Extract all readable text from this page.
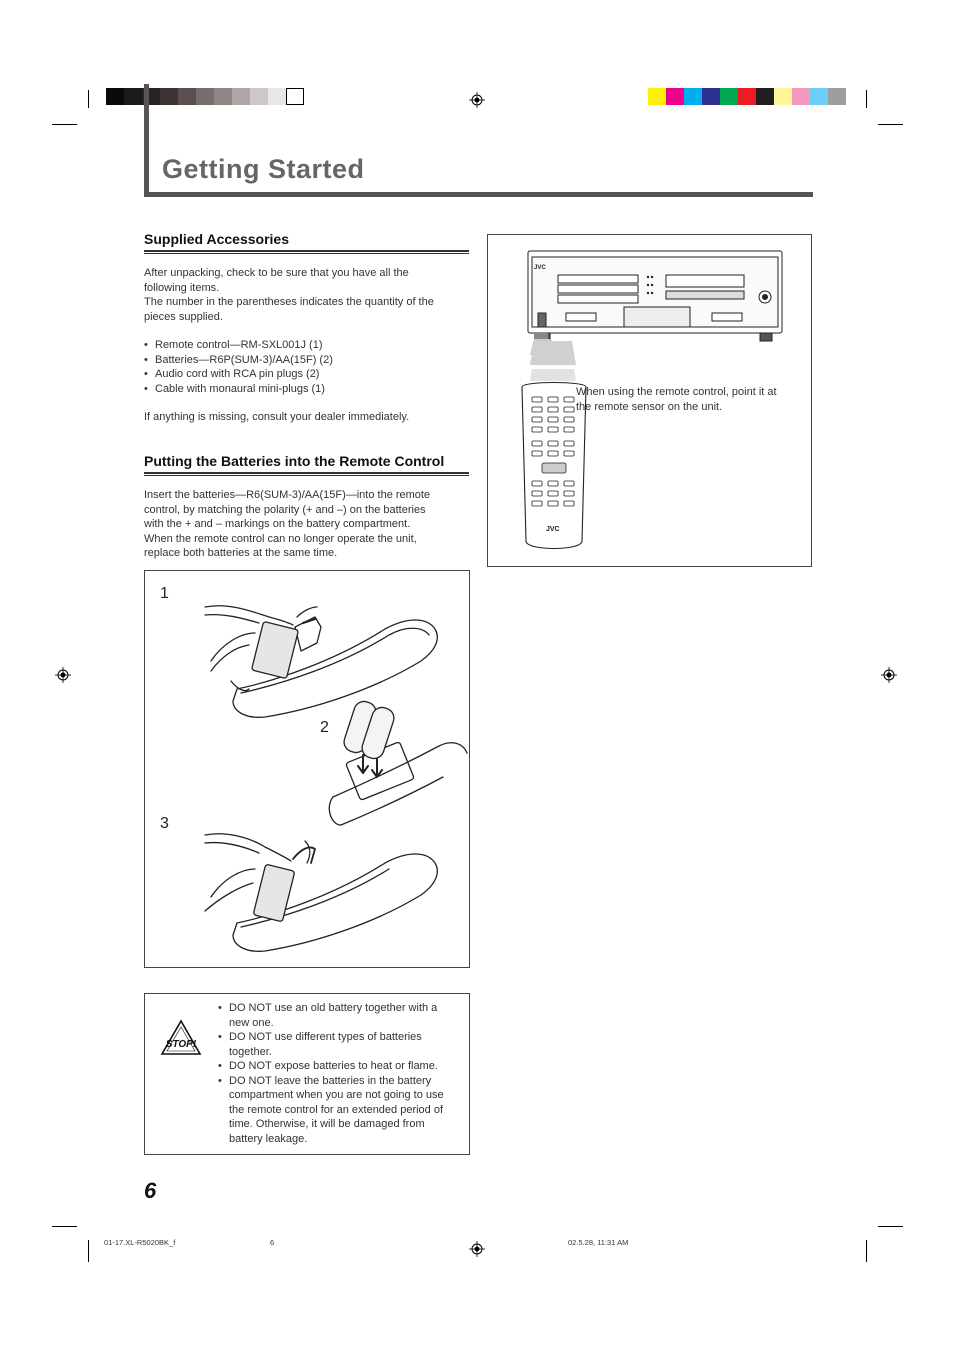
Getting Started
Supplied Accessories

After unpacking, check to be sure that you have all the

following items.

The number in the parentheses indicates the quantity of the

pieces supplied.

• Remote control—RM-SXL001J (1)
• Batteries—R6P(SUM-3)/AA(15F) (2)
• Audio cord with RCA pin plugs (2)
• Cable with monaural mini-plugs (1)
If anything is missing, consult your dealer immediately.
Putting the Batteries into the Remote Control

Insert the batteries—R6(SUM-3)/AA(15F)—into the remote

control, by matching the polarity (+ and –) on the batteries

with the + and – markings on the battery compartment.

When the remote control can no longer operate the unit,

replace both batteries at the same time.

1
2
3
JVC
JVC

When using the remote control, point it at

the remote sensor on the unit.

STOP!
• DO NOT use an old battery together with a new one.
• DO NOT use different types of batteries together.
• DO NOT expose batteries to heat or flame.
• DO NOT leave the batteries in the battery compartment when you are not going to use the remote control for an extended period of time. Otherwise, it will be damaged from battery leakage.
6
01-17.XL-R5020BK_f	6	02.5.28, 11:31 AM
